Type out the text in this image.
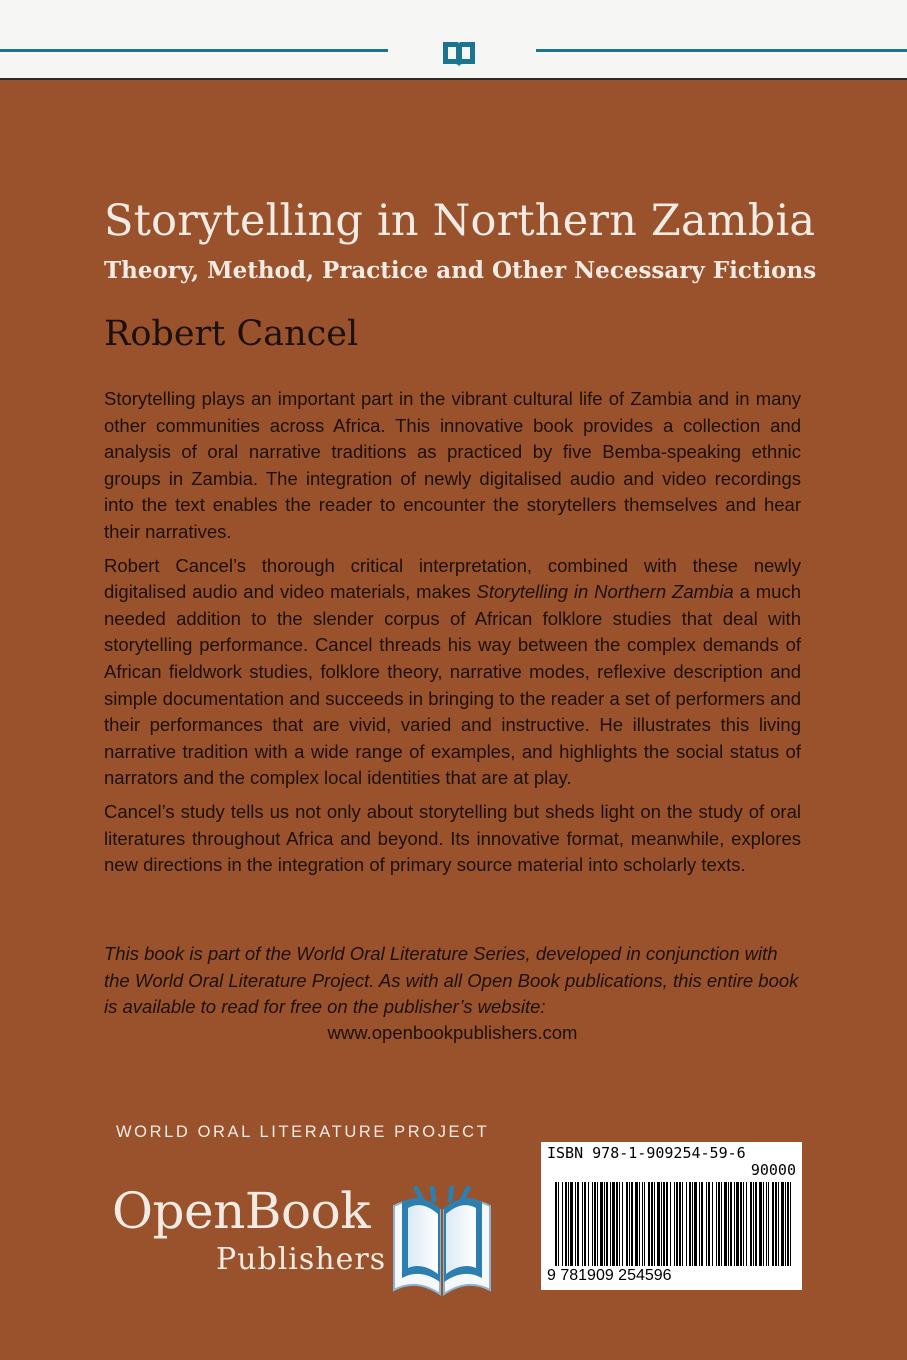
Storytelling in Northern Zambia
Theory, Method, Practice and Other Necessary Fictions
Robert Cancel

Storytelling plays an important part in the vibrant cultural life of Zambia and in many other communities across Africa. This innovative book provides a collection and analysis of oral narrative traditions as practiced by five Bemba-speaking ethnic groups in Zambia. The integration of newly digitalised audio and video recordings into the text enables the reader to encounter the storytellers themselves and hear their narratives.

Robert Cancel’s thorough critical interpretation, combined with these newly digitalised audio and video materials, makes Storytelling in Northern Zambia a much needed addition to the slender corpus of African folklore studies that deal with storytelling performance. Cancel threads his way between the complex demands of African fieldwork studies, folklore theory, narrative modes, reflexive description and simple documentation and succeeds in bringing to the reader a set of performers and their performances that are vivid, varied and instructive. He illustrates this living narrative tradition with a wide range of examples, and highlights the social status of narrators and the complex local identities that are at play.

Cancel’s study tells us not only about storytelling but sheds light on the study of oral literatures throughout Africa and beyond. Its innovative format, meanwhile, explores new directions in the integration of primary source material into scholarly texts.

This book is part of the World Oral Literature Series, developed in conjunction with the World Oral Literature Project. As with all Open Book publications, this entire book is available to read for free on the publisher’s website:
www.openbookpublishers.com
WORLD ORAL LITERATURE PROJECT
OpenBook
Publishers
ISBN 978-1-909254-59-6
90000
9 781909 254596
